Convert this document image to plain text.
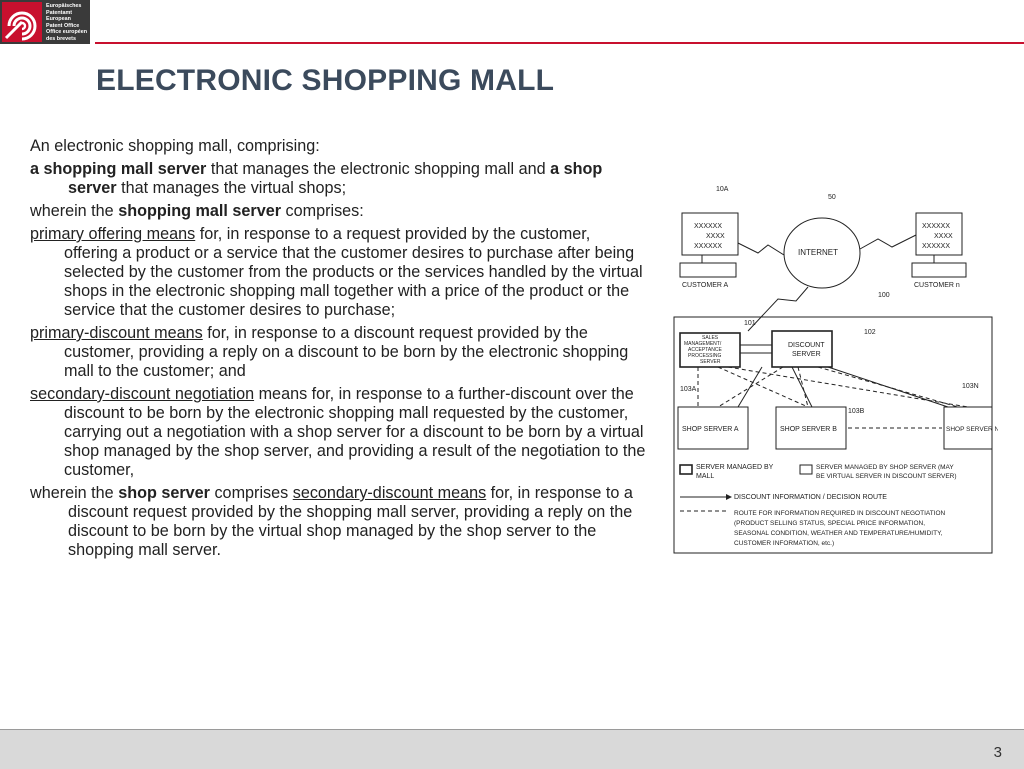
Europäisches
Patentamt
European
Patent Office
Office européen
des brevets
ELECTRONIC SHOPPING MALL

An electronic shopping mall, comprising:

a shopping mall server that manages the electronic shopping mall and a shop server that manages the virtual shops;

wherein the shopping mall server comprises:

primary offering means for, in response to a request provided by the customer, offering a product or a service that the customer desires to purchase after being selected by the customer from the products or the services handled by the virtual shops in the electronic shopping mall together with a price of the product or the service that the customer desires to purchase;

primary-discount means for, in response to a discount request provided by the customer, providing a reply on a discount to be born by the electronic shopping mall to the customer; and

secondary-discount negotiation means for, in response to a further-discount over the discount to be born by the electronic shopping mall requested by the customer, carrying out a negotiation with a shop server for a discount to be born by a virtual shop managed by the shop server, and providing a result of the negotiation to the customer,

wherein the shop server comprises secondary-discount means for, in response to a discount request provided by the shopping mall server, providing a reply on the discount to be born by the virtual shop managed by the shop server to the shopping mall server.

10A
50
100
101
102
103A
103B
103N
XXXXXX
XXXX
XXXXXX
XXXXXX
XXXX
XXXXXX
INTERNET
CUSTOMER A	CUSTOMER n
SALES
MANAGEMENT/
ACCEPTANCE
PROCESSING
SERVER
DISCOUNT
SERVER
SHOP SERVER A	SHOP SERVER B	SHOP SERVER N
SERVER MANAGED BY
MALL
SERVER MANAGED BY SHOP SERVER (MAY
BE VIRTUAL SERVER IN DISCOUNT SERVER)
DISCOUNT INFORMATION / DECISION ROUTE
ROUTE FOR INFORMATION REQUIRED IN DISCOUNT NEGOTIATION
(PRODUCT SELLING STATUS, SPECIAL PRICE INFORMATION,
SEASONAL CONDITION, WEATHER AND TEMPERATURE/HUMIDITY,
CUSTOMER INFORMATION, etc.)
3
